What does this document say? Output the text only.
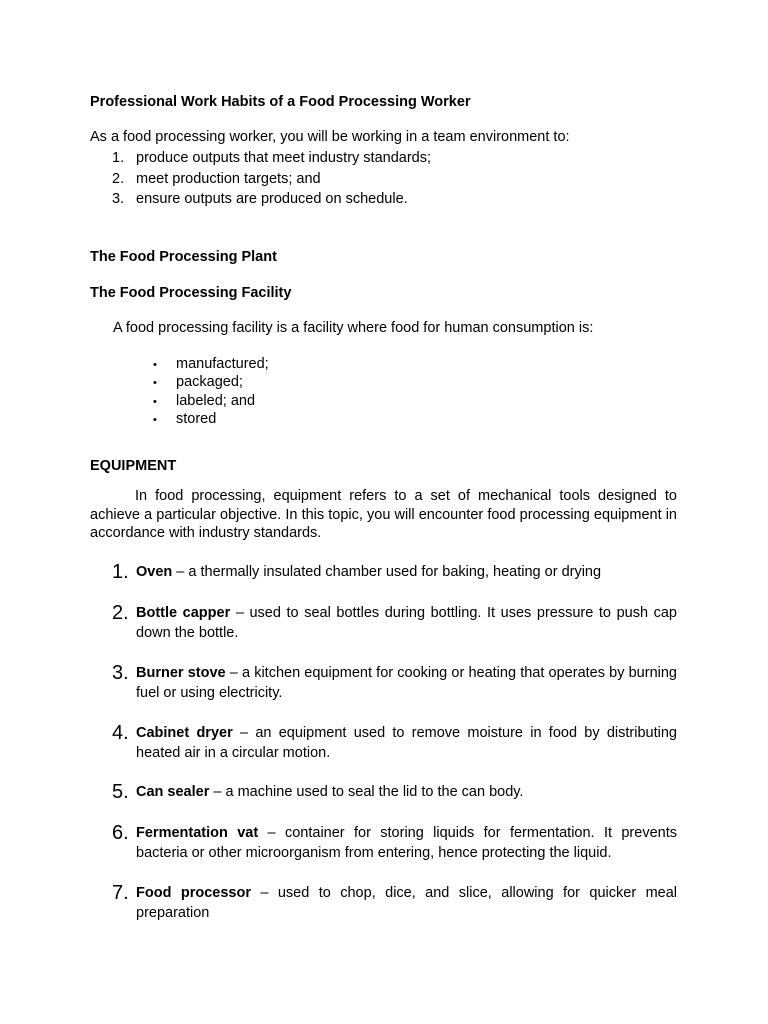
Professional Work Habits of a Food Processing Worker
As a food processing worker, you will be working in a team environment to:
1. produce outputs that meet industry standards;
2. meet production targets; and
3. ensure outputs are produced on schedule.
The Food Processing Plant
The Food Processing Facility
A food processing facility is a facility where food for human consumption is:
• manufactured;
• packaged;
• labeled; and
• stored
EQUIPMENT
In food processing, equipment refers to a set of mechanical tools designed to achieve a particular objective. In this topic, you will encounter food processing equipment in accordance with industry standards.
1. Oven – a thermally insulated chamber used for baking, heating or drying
2. Bottle capper – used to seal bottles during bottling. It uses pressure to push cap down the bottle.
3. Burner stove – a kitchen equipment for cooking or heating that operates by burning fuel or using electricity.
4. Cabinet dryer – an equipment used to remove moisture in food by distributing heated air in a circular motion.
5. Can sealer – a machine used to seal the lid to the can body.
6. Fermentation vat – container for storing liquids for fermentation. It prevents bacteria or other microorganism from entering, hence protecting the liquid.
7. Food processor – used to chop, dice, and slice, allowing for quicker meal preparation
